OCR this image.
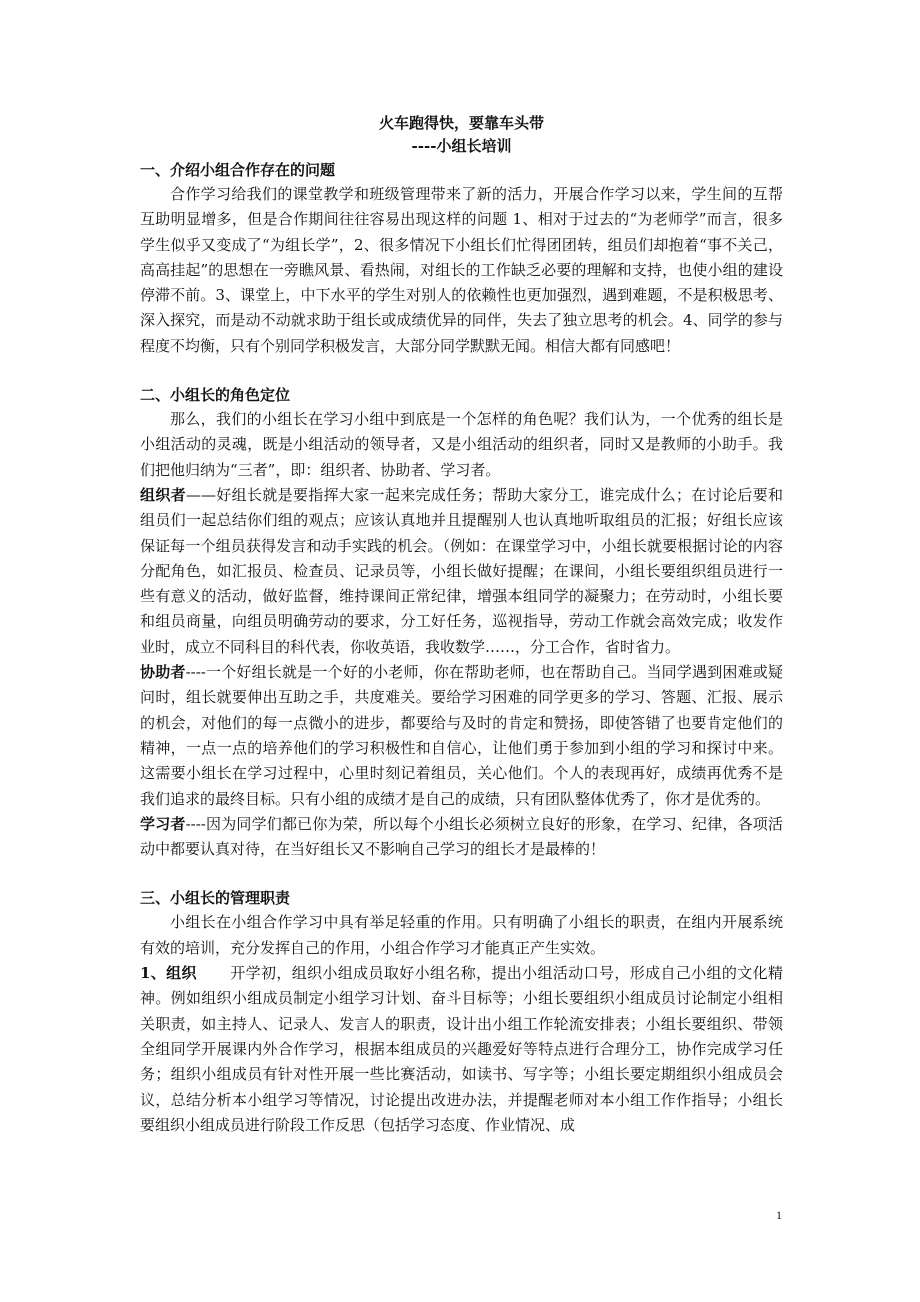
火车跑得快，要靠车头带

----小组长培训

一、介绍小组合作存在的问题

合作学习给我们的课堂教学和班级管理带来了新的活力，开展合作学习以来，学生间的互帮互助明显增多，但是合作期间往往容易出现这样的问题 1、相对于过去的“为老师学”而言，很多学生似乎又变成了“为组长学”，2、很多情况下小组长们忙得团团转，组员们却抱着“事不关己，高高挂起”的思想在一旁瞧风景、看热闹，对组长的工作缺乏必要的理解和支持，也使小组的建设停滞不前。3、课堂上，中下水平的学生对别人的依赖性也更加强烈，遇到难题，不是积极思考、深入探究，而是动不动就求助于组长或成绩优异的同伴，失去了独立思考的机会。4、同学的参与程度不均衡，只有个别同学积极发言，大部分同学默默无闻。相信大都有同感吧！

二、小组长的角色定位

那么，我们的小组长在学习小组中到底是一个怎样的角色呢？我们认为，一个优秀的组长是小组活动的灵魂，既是小组活动的领导者，又是小组活动的组织者，同时又是教师的小助手。我们把他归纳为“三者”，即：组织者、协助者、学习者。

组织者——好组长就是要指挥大家一起来完成任务；帮助大家分工，谁完成什么；在讨论后要和组员们一起总结你们组的观点；应该认真地并且提醒别人也认真地听取组员的汇报；好组长应该保证每一个组员获得发言和动手实践的机会。（例如：在课堂学习中，小组长就要根据讨论的内容分配角色，如汇报员、检查员、记录员等，小组长做好提醒；在课间，小组长要组织组员进行一些有意义的活动，做好监督，维持课间正常纪律，增强本组同学的凝聚力；在劳动时，小组长要和组员商量，向组员明确劳动的要求，分工好任务，巡视指导，劳动工作就会高效完成；收发作业时，成立不同科目的科代表，你收英语，我收数学……，分工合作，省时省力。

协助者----一个好组长就是一个好的小老师，你在帮助老师，也在帮助自己。当同学遇到困难或疑问时，组长就要伸出互助之手，共度难关。要给学习困难的同学更多的学习、答题、汇报、展示的机会，对他们的每一点微小的进步，都要给与及时的肯定和赞扬，即使答错了也要肯定他们的精神，一点一点的培养他们的学习积极性和自信心，让他们勇于参加到小组的学习和探讨中来。这需要小组长在学习过程中，心里时刻记着组员，关心他们。个人的表现再好，成绩再优秀不是我们追求的最终目标。只有小组的成绩才是自己的成绩，只有团队整体优秀了，你才是优秀的。

学习者----因为同学们都已你为荣，所以每个小组长必须树立良好的形象，在学习、纪律，各项活动中都要认真对待，在当好组长又不影响自己学习的组长才是最棒的！

三、小组长的管理职责

小组长在小组合作学习中具有举足轻重的作用。只有明确了小组长的职责，在组内开展系统有效的培训，充分发挥自己的作用，小组合作学习才能真正产生实效。

1、组织 开学初，组织小组成员取好小组名称，提出小组活动口号，形成自己小组的文化精神。例如组织小组成员制定小组学习计划、奋斗目标等；小组长要组织小组成员讨论制定小组相关职责，如主持人、记录人、发言人的职责，设计出小组工作轮流安排表；小组长要组织、带领全组同学开展课内外合作学习，根据本组成员的兴趣爱好等特点进行合理分工，协作完成学习任务；组织小组成员有针对性开展一些比赛活动，如读书、写字等；小组长要定期组织小组成员会议，总结分析本小组学习等情况，讨论提出改进办法，并提醒老师对本小组工作作指导；小组长要组织小组成员进行阶段工作反思（包括学习态度、作业情况、成

1
